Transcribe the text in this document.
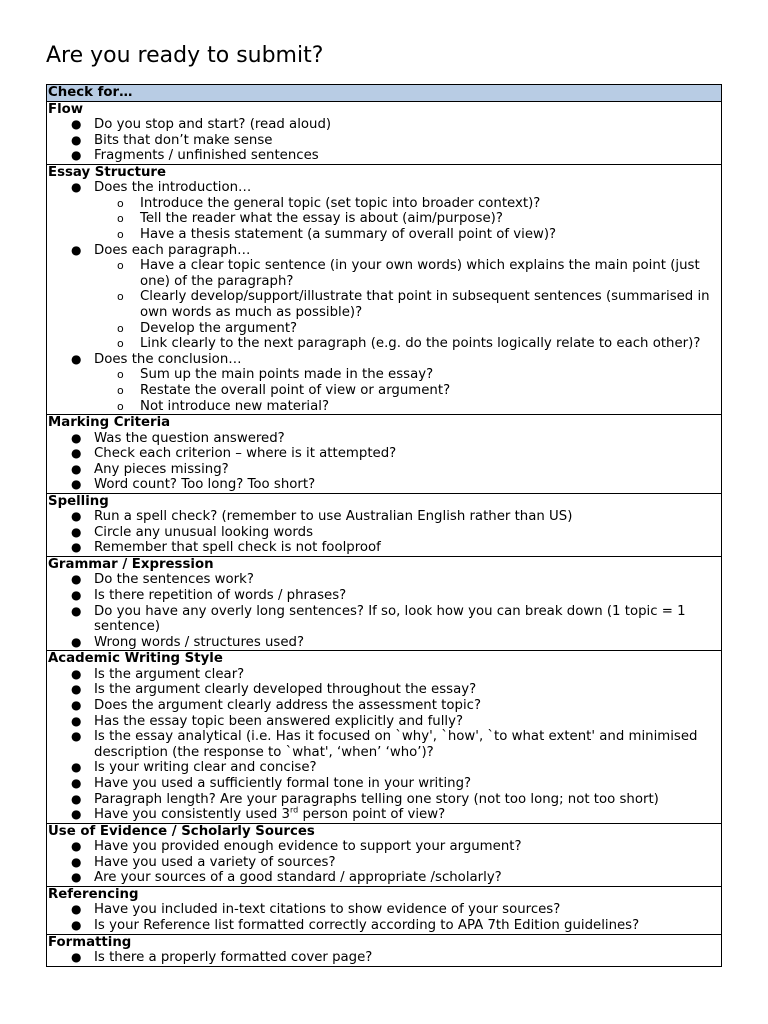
Are you ready to submit?
Check for…

Flow
● Do you stop and start? (read aloud)
● Bits that don’t make sense
● Fragments / unfinished sentences

Essay Structure
● Does the introduction…
o Introduce the general topic (set topic into broader context)?
o Tell the reader what the essay is about (aim/purpose)?
o Have a thesis statement (a summary of overall point of view)?
● Does each paragraph…
o Have a clear topic sentence (in your own words) which explains the main point (just one) of the paragraph?
o Clearly develop/support/illustrate that point in subsequent sentences (summarised in own words as much as possible)?
o Develop the argument?
o Link clearly to the next paragraph (e.g. do the points logically relate to each other)?
● Does the conclusion…
o Sum up the main points made in the essay?
o Restate the overall point of view or argument?
o Not introduce new material?

Marking Criteria
● Was the question answered?
● Check each criterion – where is it attempted?
● Any pieces missing?
● Word count? Too long? Too short?

Spelling
● Run a spell check? (remember to use Australian English rather than US)
● Circle any unusual looking words
● Remember that spell check is not foolproof

Grammar / Expression
● Do the sentences work?
● Is there repetition of words / phrases?
● Do you have any overly long sentences? If so, look how you can break down (1 topic = 1 sentence)
● Wrong words / structures used?

Academic Writing Style
● Is the argument clear?
● Is the argument clearly developed throughout the essay?
● Does the argument clearly address the assessment topic?
● Has the essay topic been answered explicitly and fully?
● Is the essay analytical (i.e. Has it focused on `why', `how', `to what extent' and minimised description (the response to `what', ‘when’ ‘who’)?
● Is your writing clear and concise?
● Have you used a sufficiently formal tone in your writing?
● Paragraph length? Are your paragraphs telling one story (not too long; not too short)
● Have you consistently used 3rd person point of view?

Use of Evidence / Scholarly Sources
● Have you provided enough evidence to support your argument?
● Have you used a variety of sources?
● Are your sources of a good standard / appropriate /scholarly?

Referencing
● Have you included in-text citations to show evidence of your sources?
● Is your Reference list formatted correctly according to APA 7th Edition guidelines?

Formatting
● Is there a properly formatted cover page?
